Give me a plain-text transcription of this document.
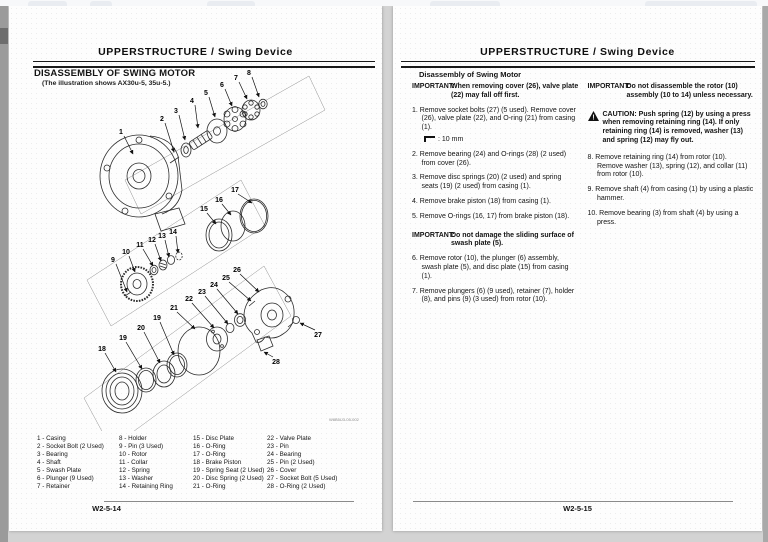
UPPERSTRUCTURE / Swing Device
DISASSEMBLY OF SWING MOTOR
(The illustration shows AX30u-5, 35u-5.)
1
2
3
4
5
6
7
8
9
10
11
12
13
14
15
16
17
18
19
20
19
21
22
23
24
25
26
27
28
W8B5U3-05-002
1 - Casing
2 - Socket Bolt (2 Used)
3 - Bearing
4 - Shaft
5 - Swash Plate
6 - Plunger (9 Used)
7 - Retainer
8 - Holder
9 - Pin (3 Used)
10 - Rotor
11 - Collar
12 - Spring
13 - Washer
14 - Retaining Ring
15 - Disc Plate
16 - O-Ring
17 - O-Ring
18 - Brake Piston
19 - Spring Seat (2 Used)
20 - Disc Spring (2 Used)
21 - O-Ring
22 - Valve Plate
23 - Pin
24 - Bearing
25 - Pin (2 Used)
26 - Cover
27 - Socket Bolt (5 Used)
28 - O-Ring (2 Used)
W2-5-14
UPPERSTRUCTURE / Swing Device
Disassembly of Swing Motor
IMPORTANT:
When removing cover (26), valve plate (22) may fall off first.
1. Remove socket bolts (27) (5 used). Remove cover (26), valve plate (22), and O-ring (21) from casing (1).
: 10 mm
2. Remove bearing (24) and O-rings (28) (2 used) from cover (26).
3. Remove disc springs (20) (2 used) and spring seats (19) (2 used) from casing (1).
4. Remove brake piston (18) from casing (1).
5. Remove O-rings (16, 17) from brake piston (18).
IMPORTANT:
Do not damage the sliding surface of swash plate (5).
6. Remove rotor (10), the plunger (6) assembly, swash plate (5), and disc plate (15) from casing (1).
7. Remove plungers (6) (9 used), retainer (7), holder (8), and pins (9) (3 used) from rotor (10).
IMPORTANT:
Do not disassemble the rotor (10) assembly (10 to 14) unless necessary.
!
CAUTION: Push spring (12) by using a press when removing retaining ring (14). If only retaining ring (14) is removed, washer (13) and spring (12) may fly out.
8. Remove retaining ring (14) from rotor (10). Remove washer (13), spring (12), and collar (11) from rotor (10).
9. Remove shaft (4) from casing (1) by using a plastic hammer.
10. Remove bearing (3) from shaft (4) by using a press.
W2-5-15
